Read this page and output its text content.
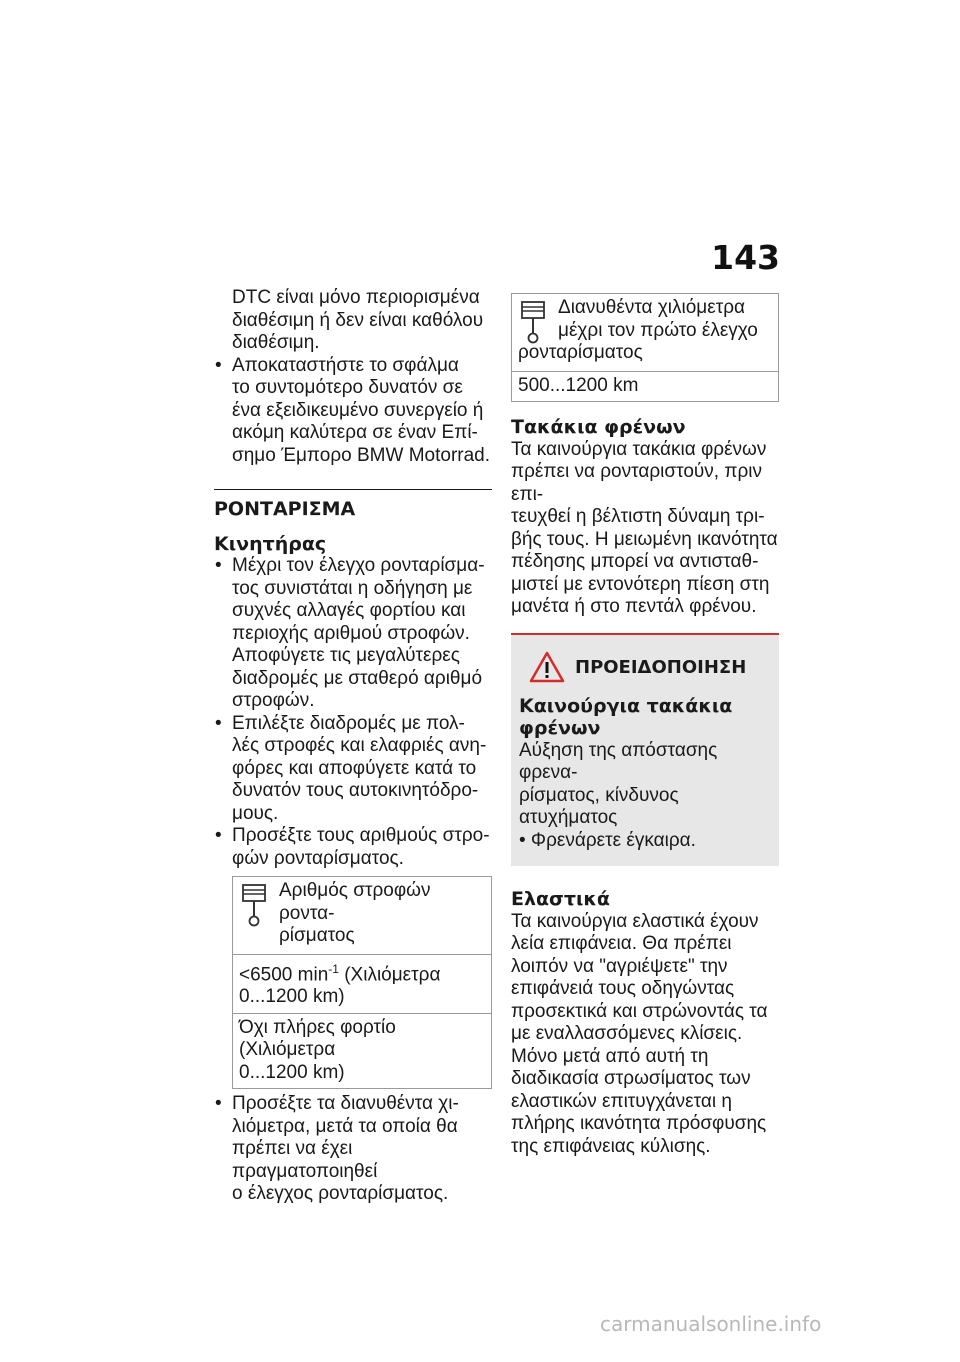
143

DTC είναι μόνο περιορισμένα

διαθέσιμη ή δεν είναι καθόλου

διαθέσιμη.

• Αποκαταστήστε το σφάλμα

το συντομότερο δυνατόν σε

ένα εξειδικευμένο συνεργείο ή

ακόμη καλύτερα σε έναν Επί-

σημο Έμπορο BMW Motorrad.

ΡΟΝΤΑΡΙΣΜΑ

Κινητήρας

• Μέχρι τον έλεγχο ρονταρίσμα-

τος συνιστάται η οδήγηση με

συχνές αλλαγές φορτίου και

περιοχής αριθμού στροφών.

Αποφύγετε τις μεγαλύτερες

διαδρομές με σταθερό αριθμό

στροφών.

• Επιλέξτε διαδρομές με πολ-

λές στροφές και ελαφριές ανη-

φόρες και αποφύγετε κατά το

δυνατόν τους αυτοκινητόδρο-

μους.

• Προσέξτε τους αριθμούς στρο-

φών ρονταρίσματος.

Αριθμός στροφών ροντα-
ρίσματος
<6500 $\min^{-1} (X\iota\lambda\iota ό\mu\varepsilon\tau\rho\alpha$
0...1200 km)
Όχι πλήρες φορτίο (Χιλιόμετρα
0...1200 km)
• Προσέξτε τα διανυθέντα χι-

λιόμετρα, μετά τα οποία θα

πρέπει να έχει πραγματοποιηθεί

ο έλεγχος ρονταρίσματος.

Διανυθέντα χιλιόμετρα
μέχρι τον πρώτο έλεγχο
ρονταρίσματος
500...1200 km

Τακάκια φρένων

Τα καινούργια τακάκια φρένων

πρέπει να ρονταριστούν, πριν επι-

τευχθεί η βέλτιστη δύναμη τρι-

βής τους. Η μειωμένη ικανότητα

πέδησης μπορεί να αντισταθ-

μιστεί με εντονότερη πίεση στη

μανέτα ή στο πεντάλ φρένου.

ΠΡΟΕΙΔΟΠΟΙΗΣΗ

Καινούργια τακάκια

φρένων

Αύξηση της απόστασης φρενα-

ρίσματος, κίνδυνος ατυχήματος

• Φρενάρετε έγκαιρα.

Ελαστικά

Τα καινούργια ελαστικά έχουν

λεία επιφάνεια. Θα πρέπει

λοιπόν να "αγριέψετε" την

επιφάνειά τους οδηγώντας

προσεκτικά και στρώνοντάς τα

με εναλλασσόμενες κλίσεις.

Μόνο μετά από αυτή τη

διαδικασία στρωσίματος των

ελαστικών επιτυγχάνεται η

πλήρης ικανότητα πρόσφυσης

της επιφάνειας κύλισης.

carmanualsonline.info
